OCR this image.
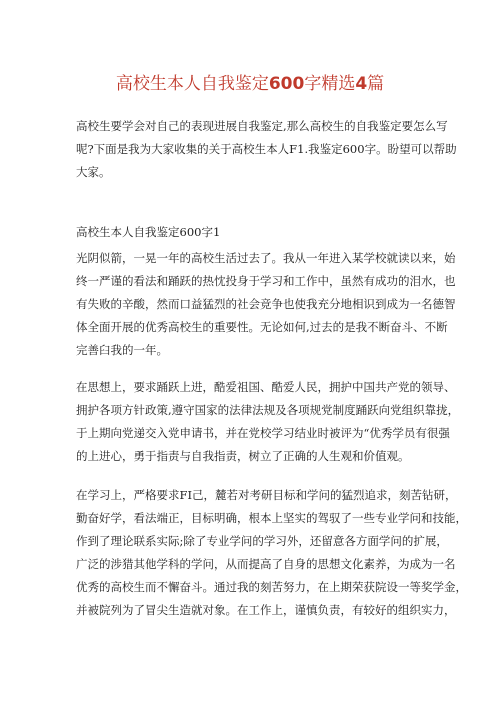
高校生本人自我鉴定600字精选4篇
高校生要学会对自己的表现进展自我鉴定,那么高校生的自我鉴定要怎么写
呢?下面是我为大家收集的关于高校生本人F1.我鉴定600字。盼望可以帮助
大家。
高校生本人自我鉴定600字1
光阴似箭，一晃一年的高校生活过去了。我从一年进入某学校就读以来，始
终一严谨的看法和踊跃的热忱投身于学习和工作中，虽然有成功的泪水，也
有失败的辛酸，然而口益猛烈的社会竞争也使我充分地相识到成为一名德智
体全面开展的优秀高校生的重要性。无论如何,过去的是我不断奋斗、不断
完善臼我的一年。
在思想上，要求踊跃上进，酷爱祖国、酷爱人民，拥护中国共产党的领导、
拥护各项方针政策,遵守国家的法律法规及各项规党制度踊跃向党组织靠拢，
于上期向党递交入党申请书，并在党校学习结业时被评为“优秀学员有很强
的上进心，勇于指责与自我指责，树立了正确的人生观和价值观。
在学习上，严格要求FI己，麓若对考研目标和学问的猛烈追求，刻苦钻研，
勤奋好学，看法端正，目标明确，根本上坚实的驾驭了一些专业学问和技能，
作到了理论联系实际;除了专业学问的学习外，还留意各方面学问的扩展，
广泛的涉猎其他学科的学问，从而提高了自身的思想文化素养，为成为一名
优秀的高校生而不懈奋斗。通过我的刻苦努力，在上期荣获院设一等奖学金，
并被院列为了冒尖生造就对象。在工作上，谨慎负责，有较好的组织实力，
